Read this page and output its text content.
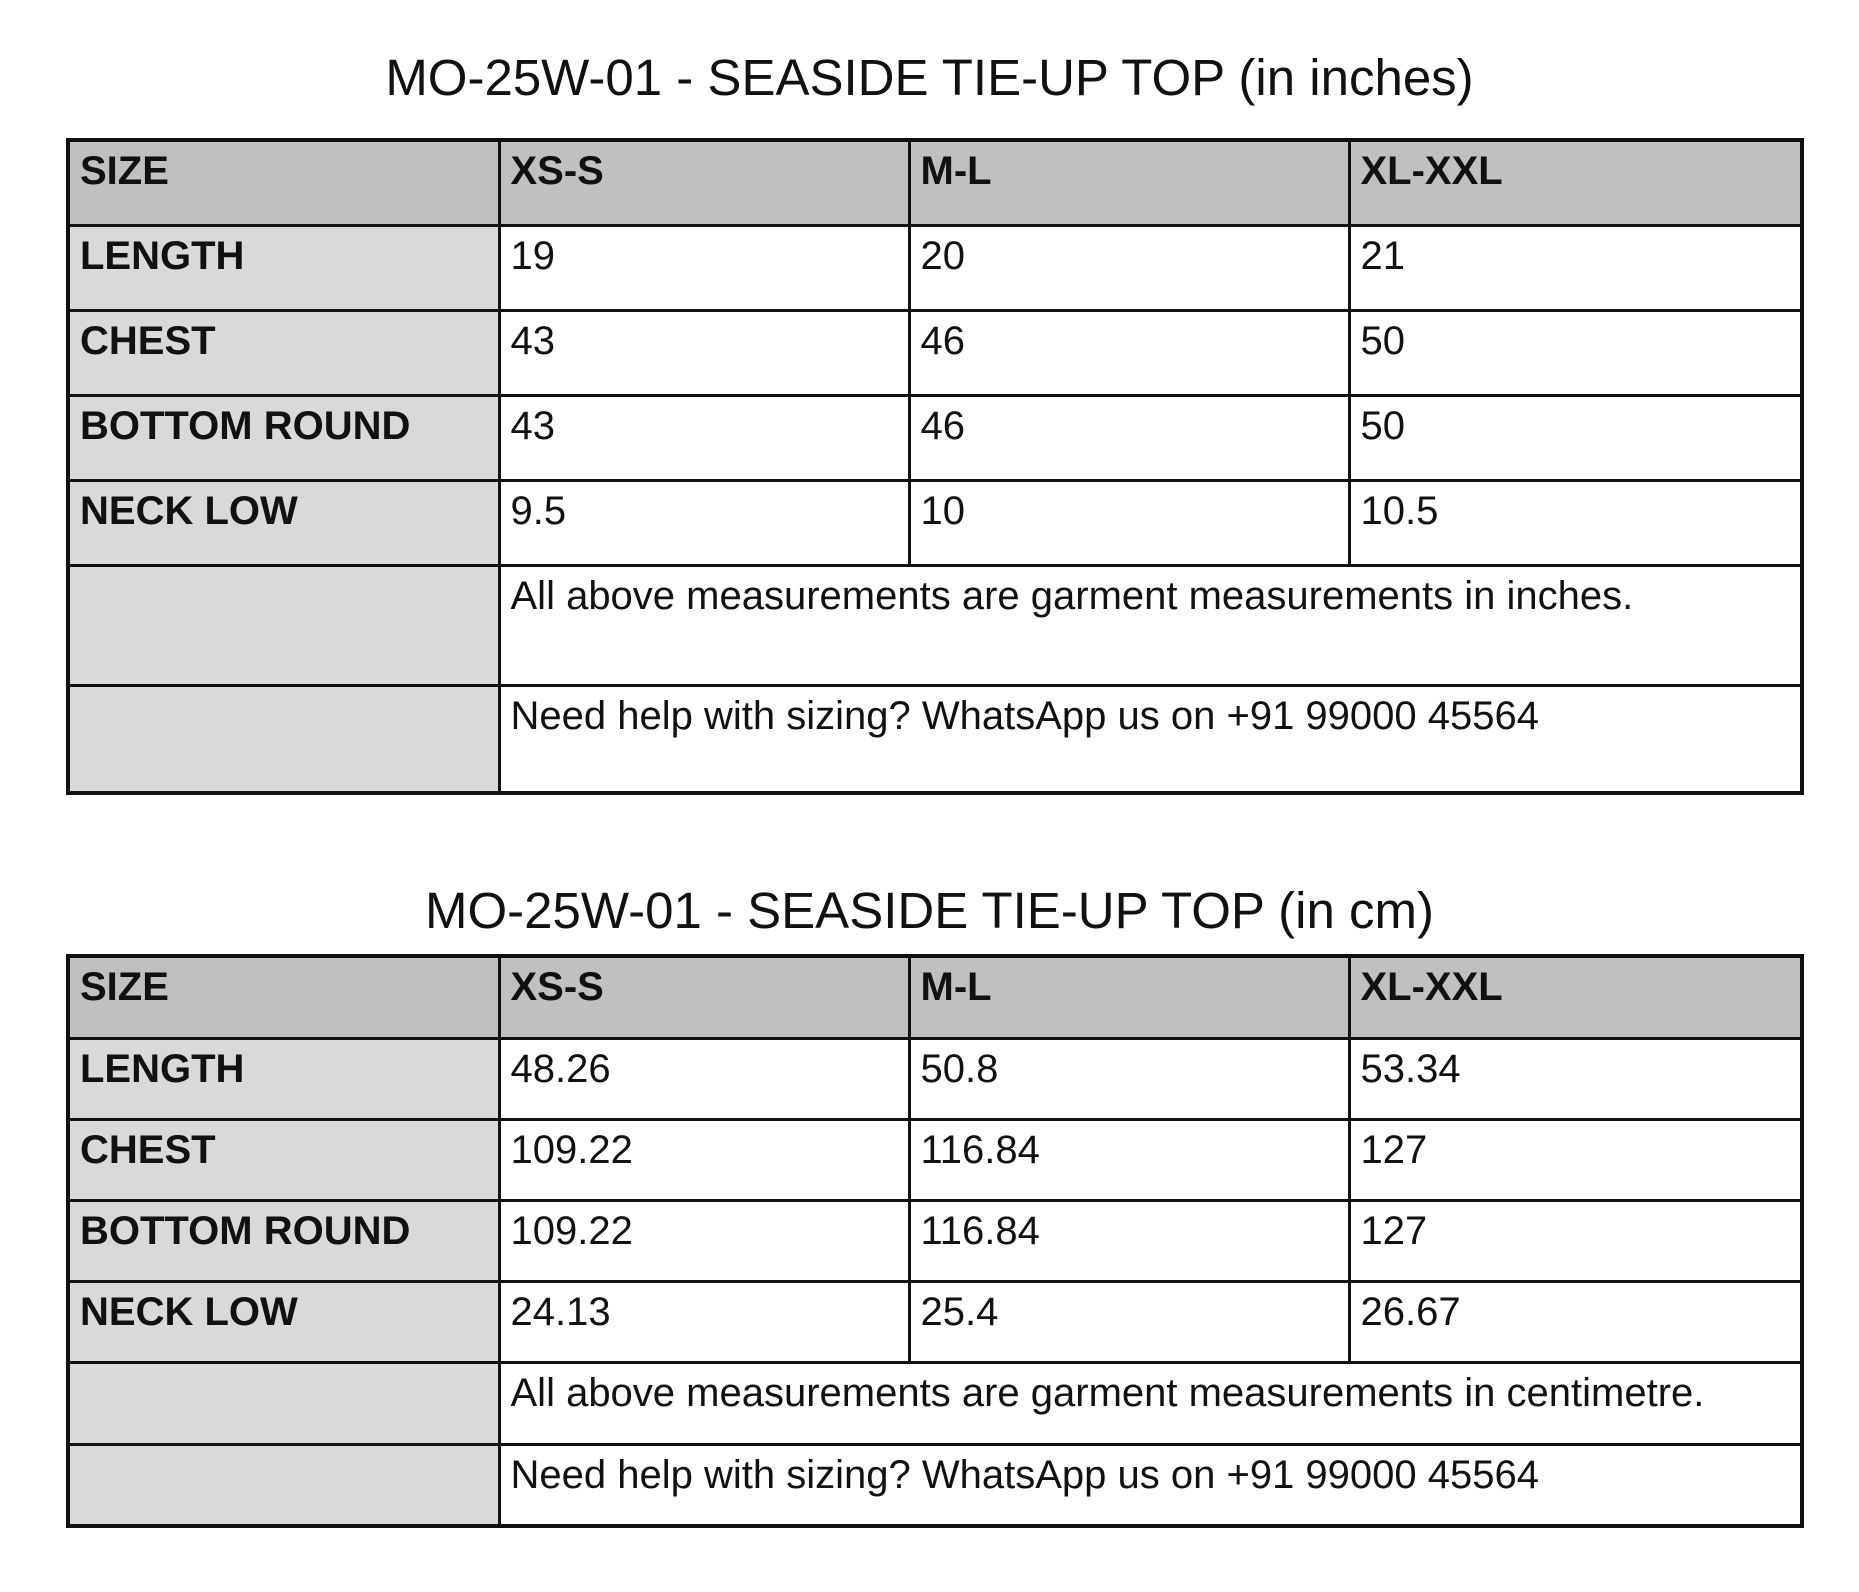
MO-25W-01 - SEASIDE TIE-UP TOP (in inches)
SIZE	XS-S	M-L	XL-XXL
LENGTH	19	20	21
CHEST	43	46	50
BOTTOM ROUND	43	46	50
NECK LOW	9.5	10	10.5
	All above measurements are garment measurements in inches.		
	Need help with sizing? WhatsApp us on +91 99000 45564		
MO-25W-01 - SEASIDE TIE-UP TOP (in cm)
SIZE	XS-S	M-L	XL-XXL
LENGTH	48.26	50.8	53.34
CHEST	109.22	116.84	127
BOTTOM ROUND	109.22	116.84	127
NECK LOW	24.13	25.4	26.67
	All above measurements are garment measurements in centimetre.		
	Need help with sizing? WhatsApp us on +91 99000 45564		
